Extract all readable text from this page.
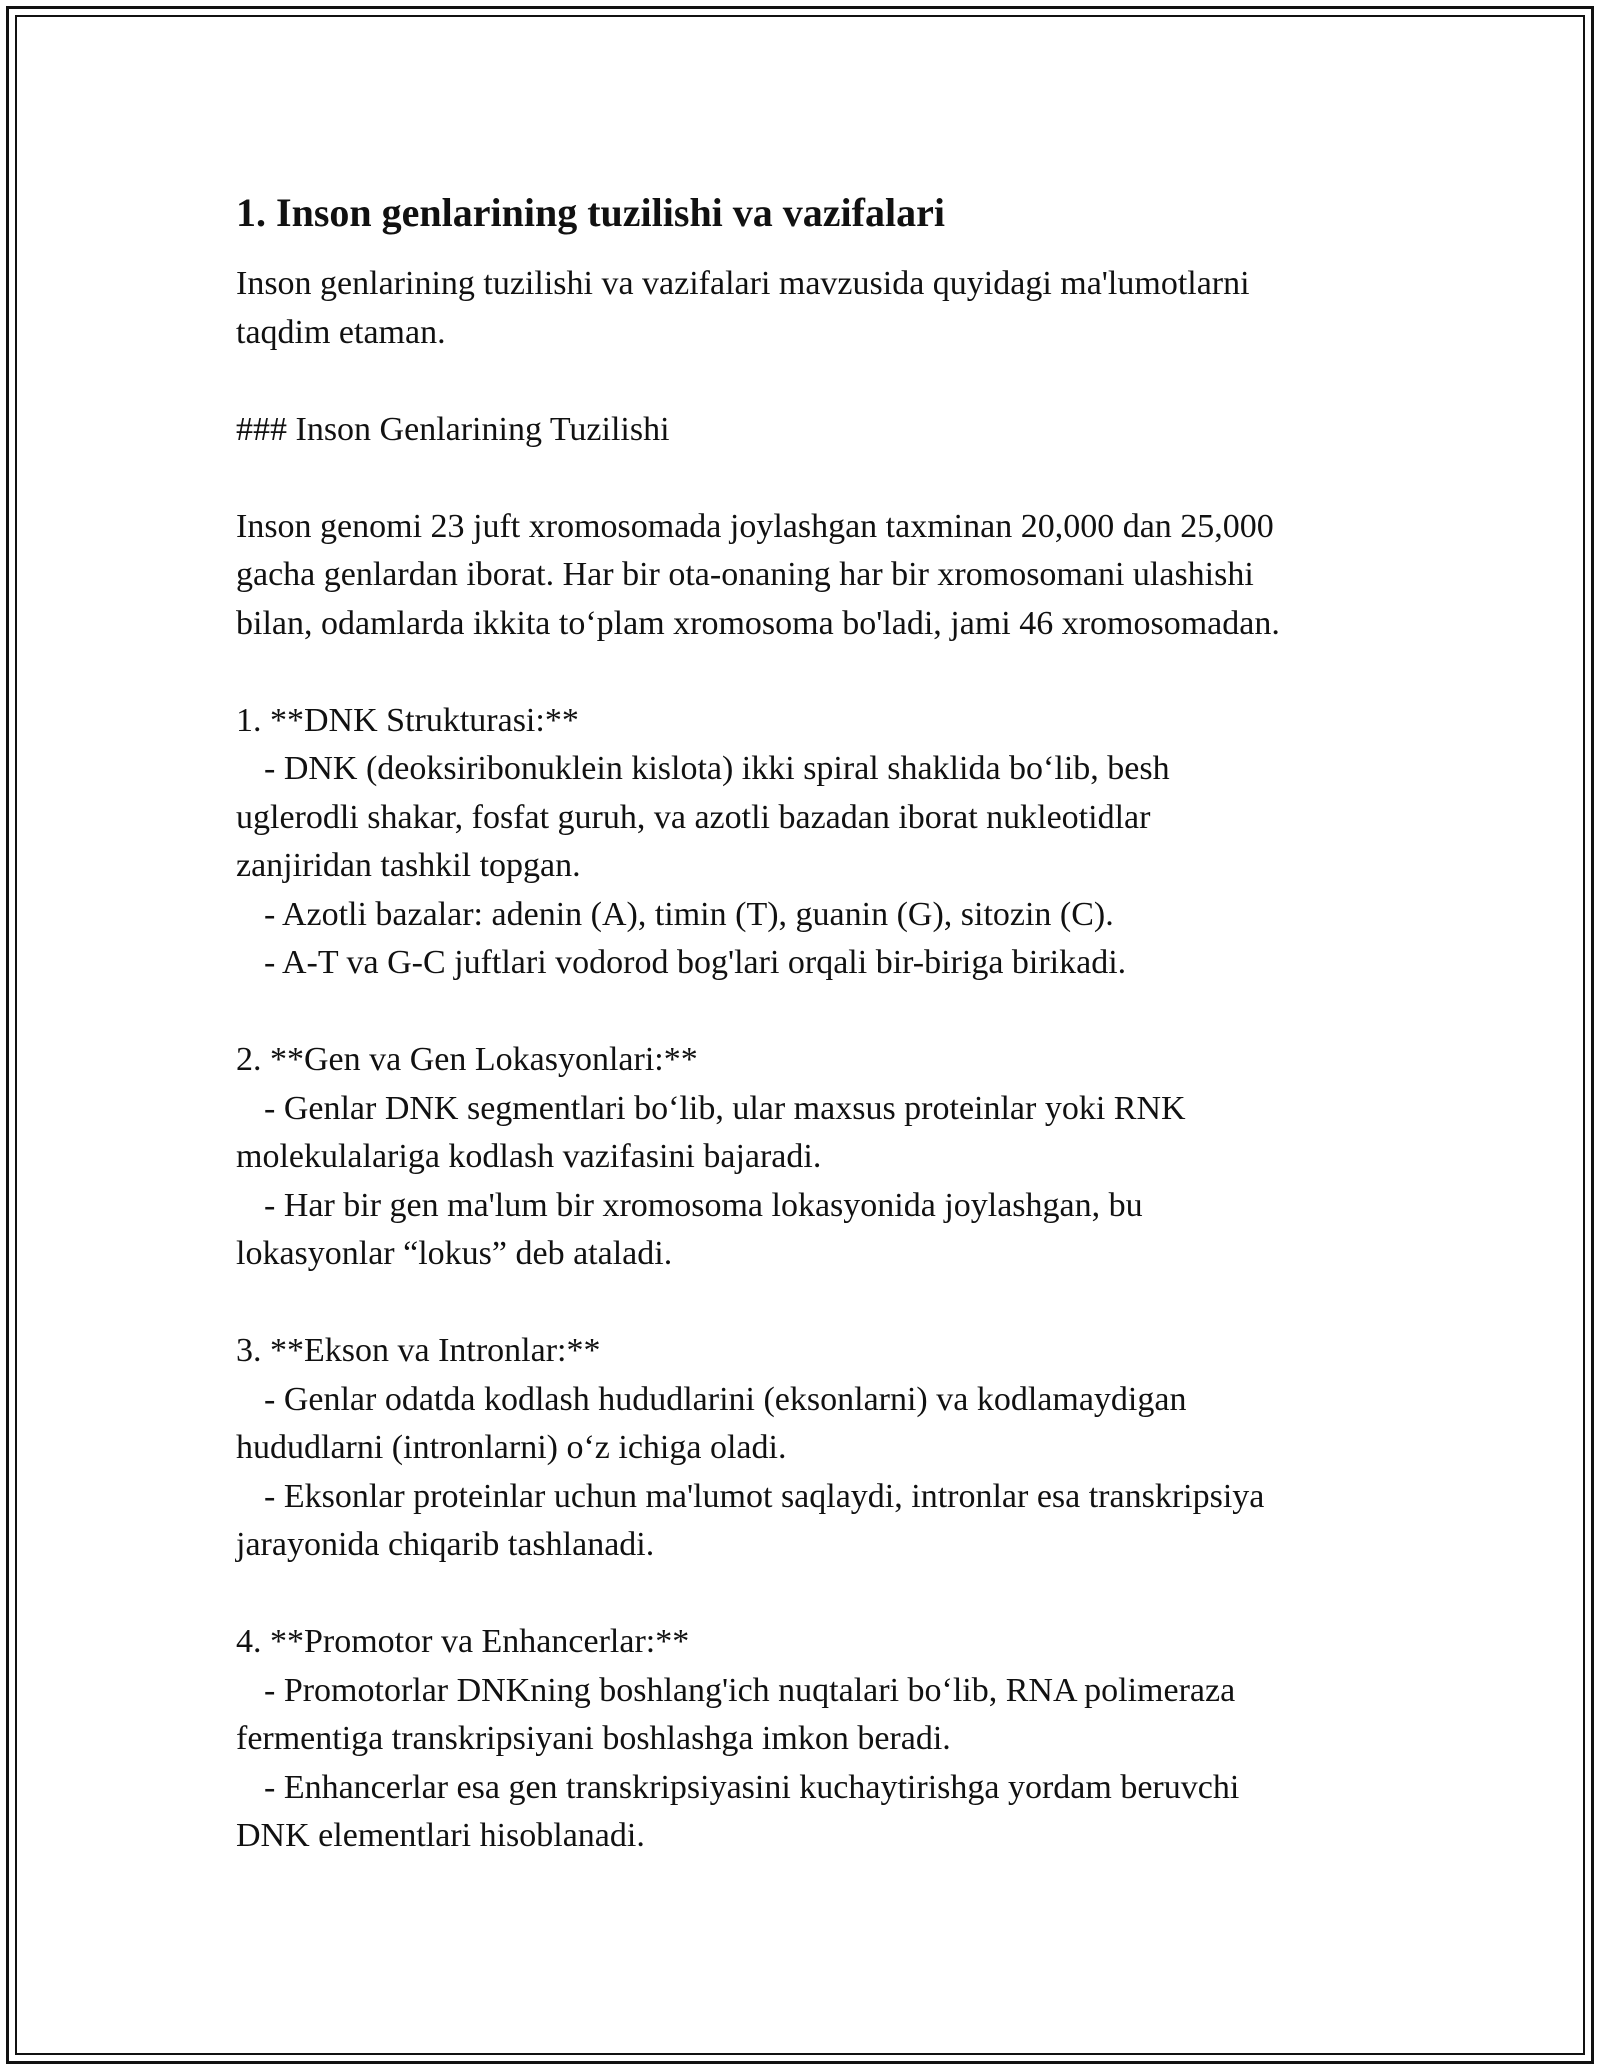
1. Inson genlarining tuzilishi va vazifalari

Inson genlarining tuzilishi va vazifalari mavzusida quyidagi ma'lumotlarni

taqdim etaman.

### Inson Genlarining Tuzilishi

Inson genomi 23 juft xromosomada joylashgan taxminan 20,000 dan 25,000

gacha genlardan iborat. Har bir ota-onaning har bir xromosomani ulashishi

bilan, odamlarda ikkita to‘plam xromosoma bo'ladi, jami 46 xromosomadan.

1. **DNK Strukturasi:**

- DNK (deoksiribonuklein kislota) ikki spiral shaklida bo‘lib, besh

uglerodli shakar, fosfat guruh, va azotli bazadan iborat nukleotidlar

zanjiridan tashkil topgan.

- Azotli bazalar: adenin (A), timin (T), guanin (G), sitozin (C).

- A-T va G-C juftlari vodorod bog'lari orqali bir-biriga birikadi.

2. **Gen va Gen Lokasyonlari:**

- Genlar DNK segmentlari bo‘lib, ular maxsus proteinlar yoki RNK

molekulalariga kodlash vazifasini bajaradi.

- Har bir gen ma'lum bir xromosoma lokasyonida joylashgan, bu

lokasyonlar “lokus” deb ataladi.

3. **Ekson va Intronlar:**

- Genlar odatda kodlash hududlarini (eksonlarni) va kodlamaydigan

hududlarni (intronlarni) o‘z ichiga oladi.

- Eksonlar proteinlar uchun ma'lumot saqlaydi, intronlar esa transkripsiya

jarayonida chiqarib tashlanadi.

4. **Promotor va Enhancerlar:**

- Promotorlar DNKning boshlang'ich nuqtalari bo‘lib, RNA polimeraza

fermentiga transkripsiyani boshlashga imkon beradi.

- Enhancerlar esa gen transkripsiyasini kuchaytirishga yordam beruvchi

DNK elementlari hisoblanadi.
